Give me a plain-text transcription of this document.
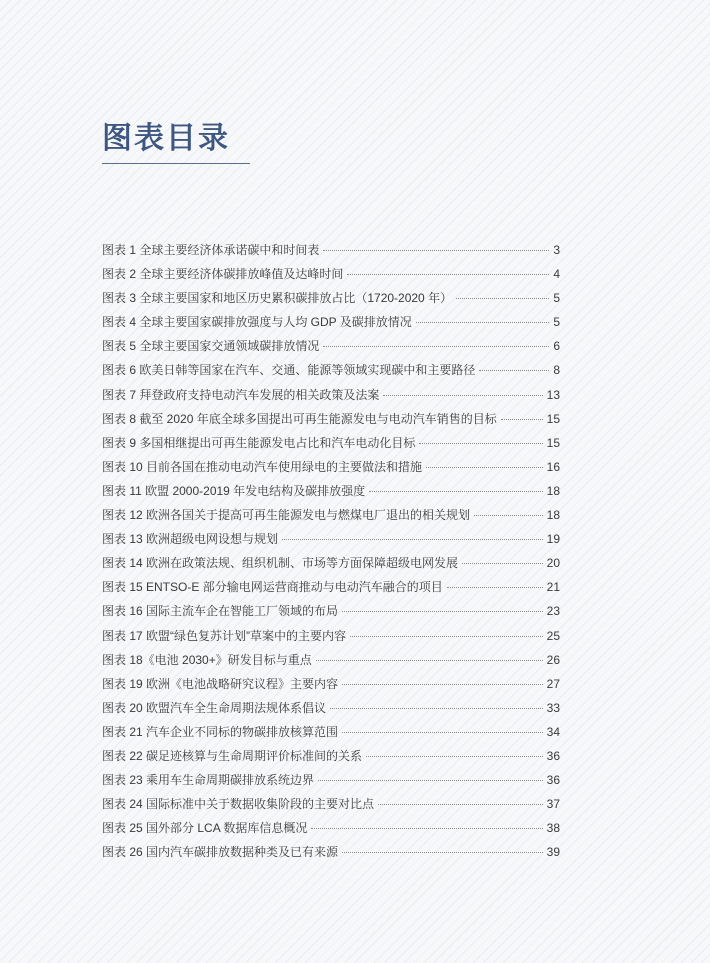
图表目录
图表 1 全球主要经济体承诺碳中和时间表	3
图表 2 全球主要经济体碳排放峰值及达峰时间	4
图表 3 全球主要国家和地区历史累积碳排放占比（1720-2020 年）	5
图表 4 全球主要国家碳排放强度与人均 GDP 及碳排放情况	5
图表 5 全球主要国家交通领域碳排放情况	6
图表 6 欧美日韩等国家在汽车、交通、能源等领域实现碳中和主要路径	8
图表 7 拜登政府支持电动汽车发展的相关政策及法案	13
图表 8 截至 2020 年底全球多国提出可再生能源发电与电动汽车销售的目标	15
图表 9 多国相继提出可再生能源发电占比和汽车电动化目标	15
图表 10 目前各国在推动电动汽车使用绿电的主要做法和措施	16
图表 11 欧盟 2000-2019 年发电结构及碳排放强度	18
图表 12 欧洲各国关于提高可再生能源发电与燃煤电厂退出的相关规划	18
图表 13 欧洲超级电网设想与规划	19
图表 14 欧洲在政策法规、组织机制、市场等方面保障超级电网发展	20
图表 15 ENTSO-E 部分输电网运营商推动与电动汽车融合的项目	21
图表 16 国际主流车企在智能工厂领域的布局	23
图表 17 欧盟“绿色复苏计划”草案中的主要内容	25
图表 18《电池 2030+》研发目标与重点	26
图表 19 欧洲《电池战略研究议程》主要内容	27
图表 20 欧盟汽车全生命周期法规体系倡议	33
图表 21 汽车企业不同标的物碳排放核算范围	34
图表 22 碳足迹核算与生命周期评价标准间的关系	36
图表 23 乘用车生命周期碳排放系统边界	36
图表 24 国际标准中关于数据收集阶段的主要对比点	37
图表 25 国外部分 LCA 数据库信息概况	38
图表 26 国内汽车碳排放数据种类及已有来源	39
